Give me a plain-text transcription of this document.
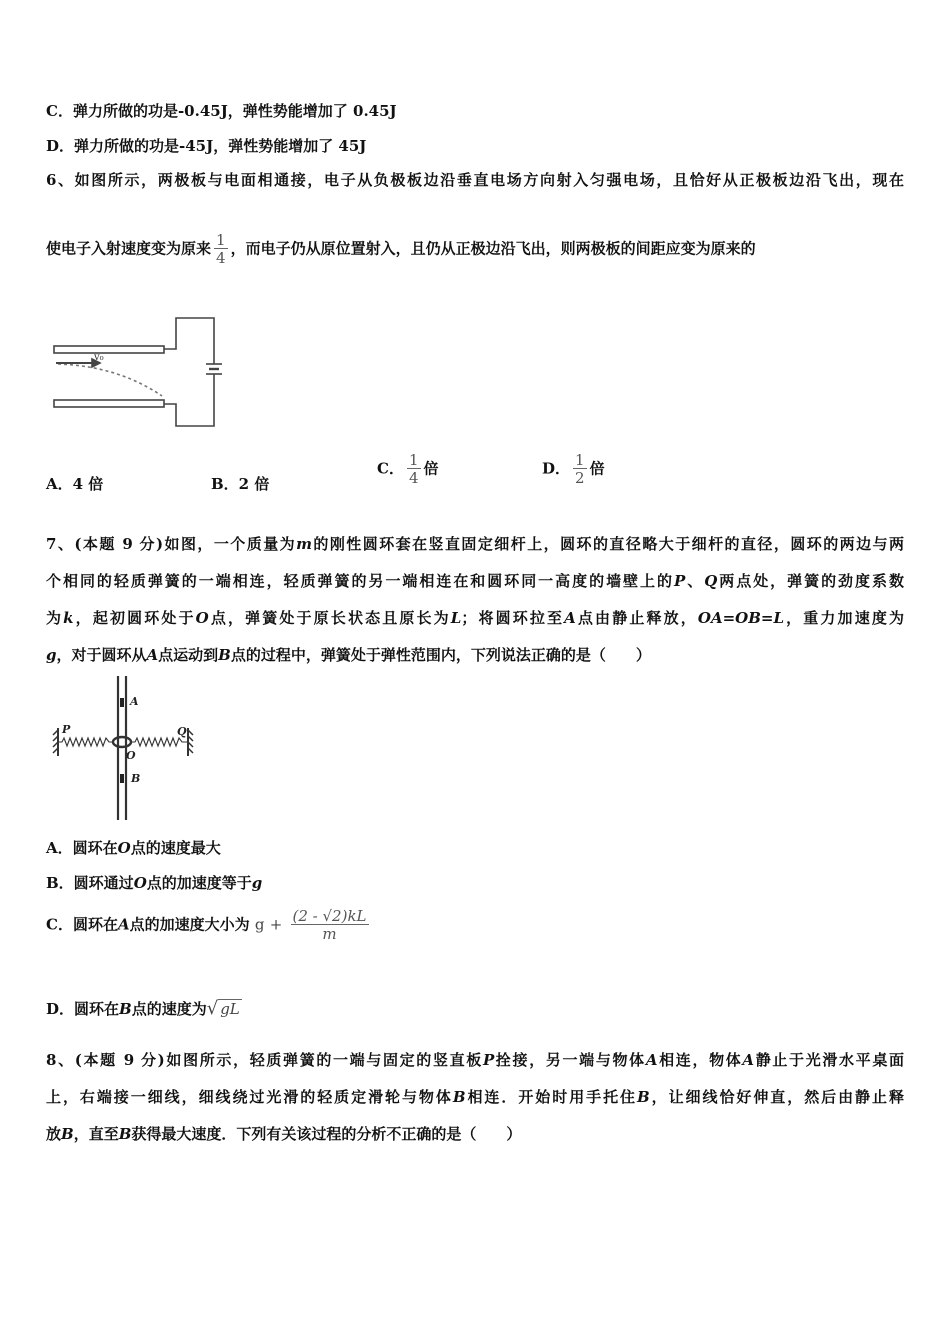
C．弹力所做的功是-0.45J，弹性势能增加了 0.45J
D．弹力所做的功是-45J，弹性势能增加了 45J
6、如图所示，两极板与电面相通接，电子从负极板边沿垂直电场方向射入匀强电场，且恰好从正极板边沿飞出，现在
使电子入射速度变为原来 $\frac{1}{4}$ ，而电子仍从原位置射入，且仍从正极边沿飞出，则两极板的间距应变为原来的
v₀
A．4 倍	B．2 倍
C． $\frac{1}{4}$ 倍	D． $\frac{1}{2}$ 倍
7、(本题 9 分)如图，一个质量为m的刚性圆环套在竖直固定细杆上，圆环的直径略大于细杆的直径，圆环的两边与两
个相同的轻质弹簧的一端相连，轻质弹簧的另一端相连在和圆环同一高度的墙壁上的P、Q两点处，弹簧的劲度系数
为k，起初圆环处于O点，弹簧处于原长状态且原长为L；将圆环拉至A点由静止释放，OA=OB=L，重力加速度为
g，对于圆环从A点运动到B点的过程中，弹簧处于弹性范围内，下列说法正确的是（　　）
P	Q
A
O
B
A．圆环在O点的速度最大
B．圆环通过O点的加速度等于g
C．圆环在A点的加速度大小为 $g + \frac{(2 - √2)kL}{m}$
D．圆环在B点的速度为√ gL
8、(本题 9 分)如图所示，轻质弹簧的一端与固定的竖直板P拴接，另一端与物体A相连，物体A静止于光滑水平桌面
上，右端接一细线，细线绕过光滑的轻质定滑轮与物体B相连．开始时用手托住B，让细线恰好伸直，然后由静止释
放B，直至B获得最大速度．下列有关该过程的分析不正确的是（　　）
